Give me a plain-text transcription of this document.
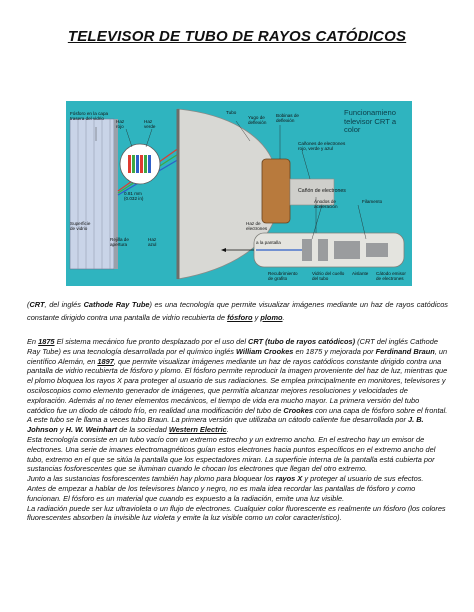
TELEVISOR DE TUBO DE RAYOS CATÓDICOS
Funcionamieno
televisor CRT a color
Fósforo en la capa
trasera del vidrio
Haz
rojo
Haz
verde
Tubo
Bobinas de
deflexión
Yugo de
deflexión
0.81 mm
(0.032 in)
Cañones de electrones
rojo, verde y azul
Cañón de electrones
Ánodos de
aceleración
Filamento
Superficie
de vidrio
Rejilla de
apertura
Haz
azul
Haz de
electrones
a la pantalla
Recubrimiento
de grafito
Vidrio del cuello
del tubo
Aislante Cátodo emisor
de electrones

(CRT, del inglés Cathode Ray Tube) es una tecnología que permite visualizar imágenes mediante un haz de rayos catódicos constante dirigido contra una pantalla de vidrio recubierta de fósforo y plomo.

En 1875 El sistema mecánico fue pronto desplazado por el uso del CRT (tubo de rayos catódicos) (CRT del inglés Cathode Ray Tube) es una tecnología desarrollada por el químico inglés William Crookes en 1875 y mejorada por Ferdinand Braun, un científico Alemán, en 1897, que permite visualizar imágenes mediante un haz de rayos catódicos constante dirigido contra una pantalla de vidrio recubierta de fósforo y plomo. El fósforo permite reproducir la imagen proveniente del haz de luz, mientras que el plomo bloquea los rayos X para proteger al usuario de sus radiaciones. Se emplea principalmente en monitores, televisores y osciloscopios como elemento generador de imágenes, que permitía alcanzar mejores resoluciones y velocidades de exploración. Además al no tener elementos mecánicos, el tiempo de vida era mucho mayor. La primera versión del tubo catódico fue un diodo de cátodo frío, en realidad una modificación del tubo de Crookes con una capa de fósforo sobre el frontal. A este tubo se le llama a veces tubo Braun. La primera versión que utilizaba un cátodo caliente fue desarrollada por J. B. Johnson y H. W. Weinhart de la sociedad Western Electric.

Esta tecnología consiste en un tubo vacío con un extremo estrecho y un extremo ancho. En el estrecho hay un emisor de electrones. Una serie de imanes electromagnéticos guían estos electrones hacia puntos específicos en el extremo ancho del tubo, extremo en el que se sitúa la pantalla que los espectadores miran. La superficie interna de la pantalla está cubierta por sustancias fosforescentes que se iluminan cuando le chocan los electrones que llegan del otro extremo.

Junto a las sustancias fosforescentes también hay plomo para bloquear los rayos X y proteger al usuario de sus efectos.

Antes de empezar a hablar de los televisores blanco y negro, no es mala idea recordar las pantallas de fósforo y como funcionan. El fósforo es un material que cuando es expuesto a la radiación, emite una luz visible.

La radiación puede ser luz ultravioleta o un flujo de electrones. Cualquier color fluorescente es realmente un fósforo (los colores fluorescentes absorben la invisible luz violeta y emite la luz visible como un color característico).
